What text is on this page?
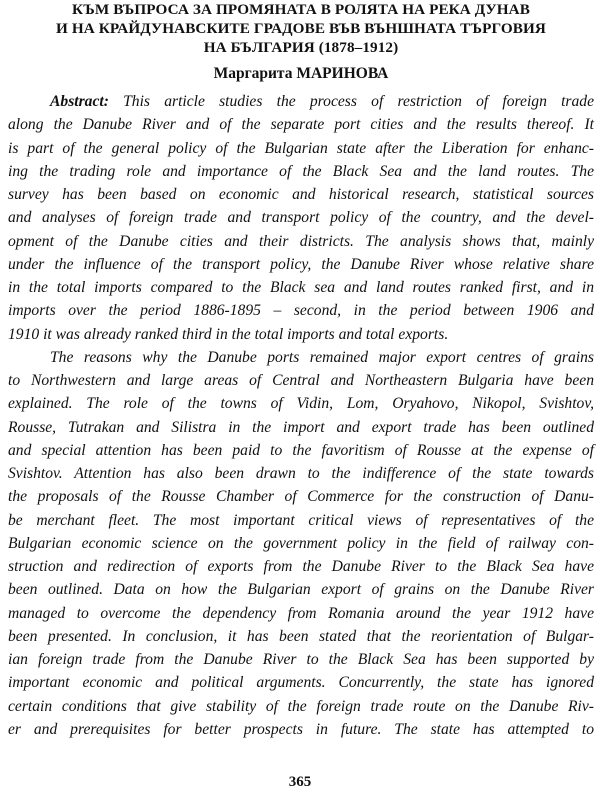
КЪМ ВЪПРОСА ЗА ПРОМЯНАТА В РОЛЯТА НА РЕКА ДУНАВ
И НА КРАЙДУНАВСКИТЕ ГРАДОВЕ ВЪВ ВЪНШНАТА ТЪРГОВИЯ
НА БЪЛГАРИЯ (1878–1912)
Маргарита МАРИНОВА
Abstract: This article studies the process of restriction of foreign trade
along the Danube River and of the separate port cities and the results thereof. It
is part of the general policy of the Bulgarian state after the Liberation for enhanc-
ing the trading role and importance of the Black Sea and the land routes. The
survey has been based on economic and historical research, statistical sources
and analyses of foreign trade and transport policy of the country, and the devel-
opment of the Danube cities and their districts. The analysis shows that, mainly
under the influence of the transport policy, the Danube River whose relative share
in the total imports compared to the Black sea and land routes ranked first, and in
imports over the period 1886-1895 – second, in the period between 1906 and
1910 it was already ranked third in the total imports and total exports.
The reasons why the Danube ports remained major export centres of grains
to Northwestern and large areas of Central and Northeastern Bulgaria have been
explained. The role of the towns of Vidin, Lom, Oryahovo, Nikopol, Svishtov,
Rousse, Tutrakan and Silistra in the import and export trade has been outlined
and special attention has been paid to the favoritism of Rousse at the expense of
Svishtov. Attention has also been drawn to the indifference of the state towards
the proposals of the Rousse Chamber of Commerce for the construction of Danu-
be merchant fleet. The most important critical views of representatives of the
Bulgarian economic science on the government policy in the field of railway con-
struction and redirection of exports from the Danube River to the Black Sea have
been outlined. Data on how the Bulgarian export of grains on the Danube River
managed to overcome the dependency from Romania around the year 1912 have
been presented. In conclusion, it has been stated that the reorientation of Bulgar-
ian foreign trade from the Danube River to the Black Sea has been supported by
important economic and political arguments. Concurrently, the state has ignored
certain conditions that give stability of the foreign trade route on the Danube Riv-
er and prerequisites for better prospects in future. The state has attempted to
365
